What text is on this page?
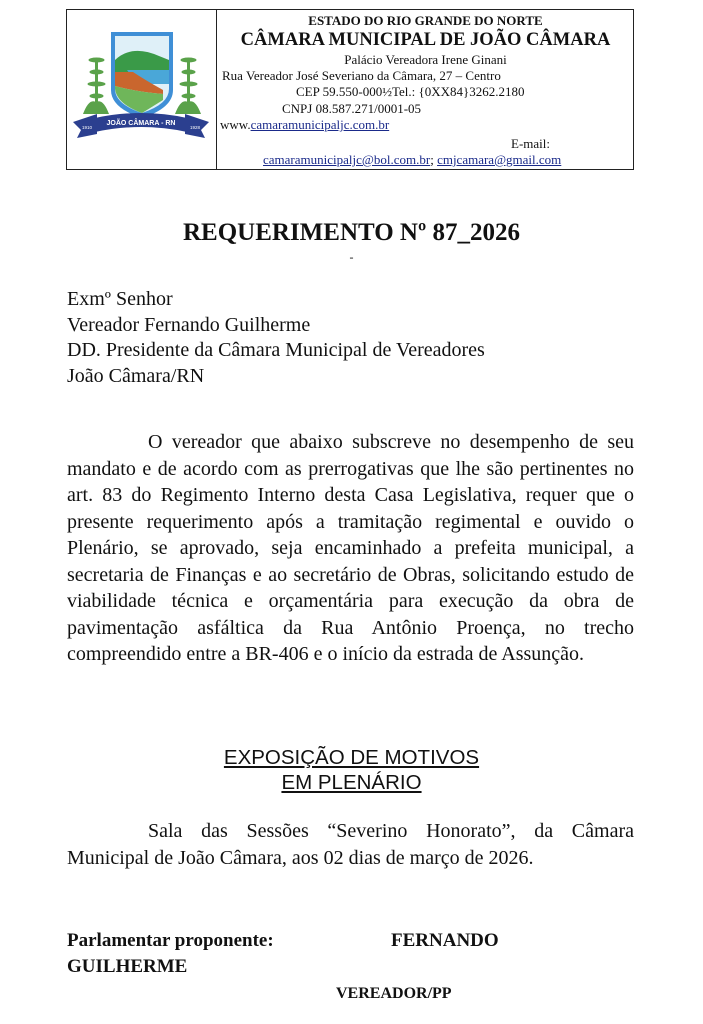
JOÃO CÂMARA - RN
1910	1928
ESTADO DO RIO GRANDE DO NORTE
CÂMARA MUNICIPAL DE JOÃO CÂMARA
Palácio Vereadora Irene Ginani
Rua Vereador José Severiano da Câmara, 27 – Centro
CEP 59.550-000½Tel.: {0XX84}3262.2180
CNPJ 08.587.271/0001-05
www.camaramunicipaljc.com.br
E-mail:
camaramunicipaljc@bol.com.br; cmjcamara@gmail.com
REQUERIMENTO Nº 87_2026
-
Exmº Senhor
Vereador Fernando Guilherme
DD. Presidente da Câmara Municipal de Vereadores
João Câmara/RN
O vereador que abaixo subscreve no desempenho de seu mandato e de acordo com as prerrogativas que lhe são pertinentes no art. 83 do Regimento Interno desta Casa Legislativa, requer que o presente requerimento após a tramitação regimental e ouvido o Plenário, se aprovado, seja encaminhado a prefeita municipal, a secretaria de Finanças e ao secretário de Obras, solicitando estudo de viabilidade técnica e orçamentária para execução da obra de pavimentação asfáltica da Rua Antônio Proença, no trecho compreendido entre a BR-406 e o início da estrada de Assunção.
EXPOSIÇÃO DE MOTIVOS
EM PLENÁRIO
Sala das Sessões “Severino Honorato”, da Câmara Municipal de João Câmara, aos 02 dias de março de 2026.
Parlamentar proponente:	FERNANDO
GUILHERME
VEREADOR/PP
